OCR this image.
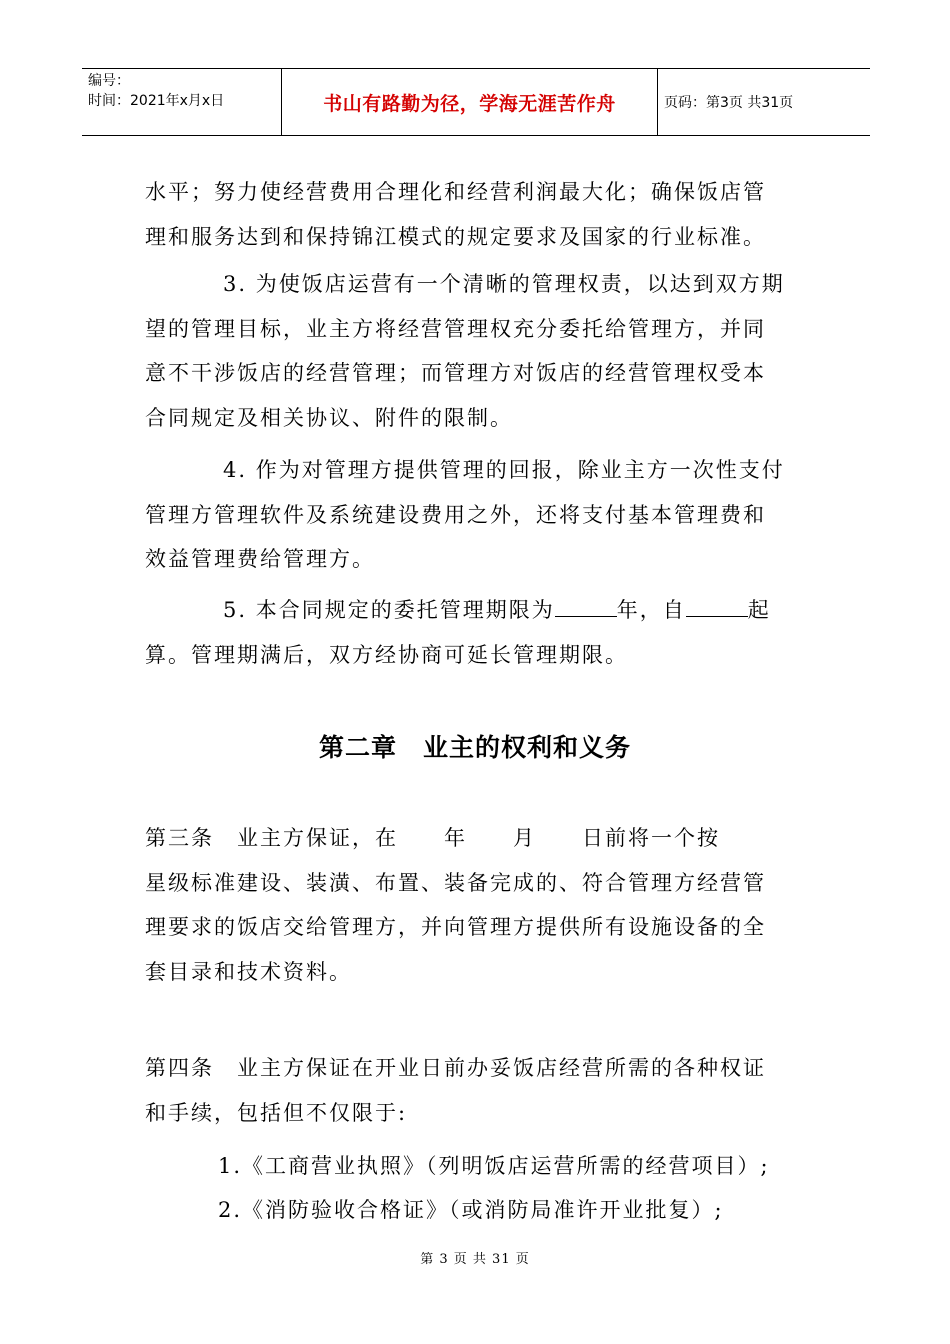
编号：
时间：2021年x月x日	书山有路勤为径，学海无涯苦作舟	页码：第3页 共31页
水平；努力使经营费用合理化和经营利润最大化；确保饭店管
理和服务达到和保持锦江模式的规定要求及国家的行业标准。
3. 为使饭店运营有一个清晰的管理权责，以达到双方期
望的管理目标，业主方将经营管理权充分委托给管理方，并同
意不干涉饭店的经营管理；而管理方对饭店的经营管理权受本
合同规定及相关协议、附件的限制。
4. 作为对管理方提供管理的回报，除业主方一次性支付
管理方管理软件及系统建设费用之外，还将支付基本管理费和
效益管理费给管理方。
5. 本合同规定的委托管理期限为	年，自	起
算。管理期满后，双方经协商可延长管理期限。
第二章　业主的权利和义务
第三条　业主方保证，在　　年　　月　　日前将一个按
星级标准建设、装潢、布置、装备完成的、符合管理方经营管
理要求的饭店交给管理方，并向管理方提供所有设施设备的全
套目录和技术资料。
第四条　业主方保证在开业日前办妥饭店经营所需的各种权证
和手续，包括但不仅限于:
1.《工商营业执照》（列明饭店运营所需的经营项目）;
2.《消防验收合格证》（或消防局准许开业批复）;
第 3 页 共 31 页
